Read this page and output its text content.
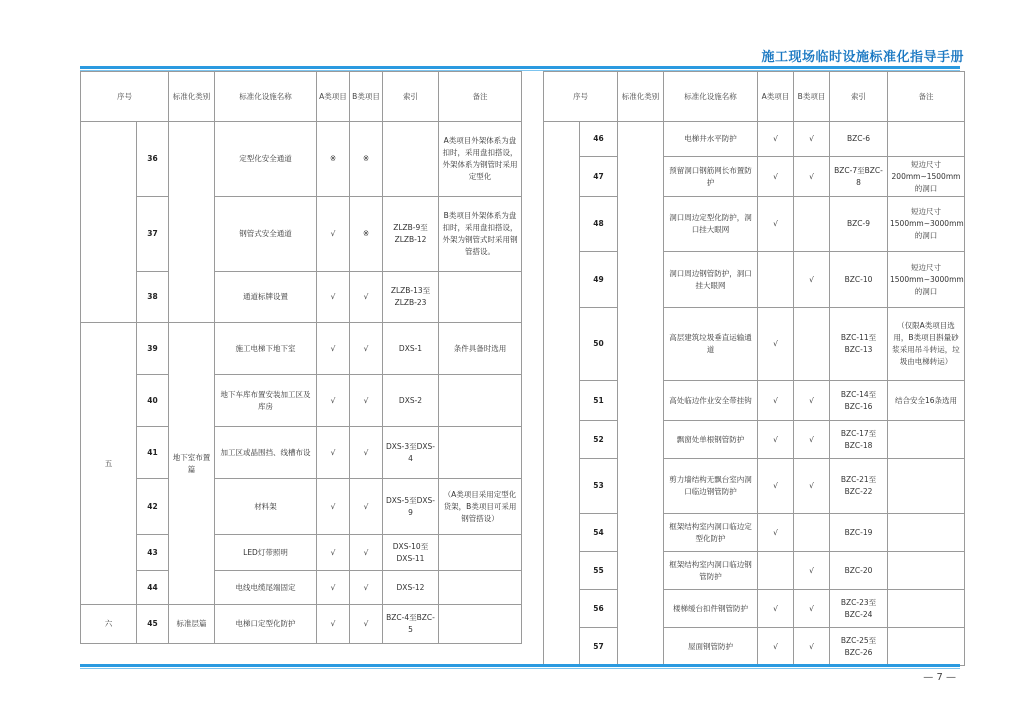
施工现场临时设施标准化指导手册
序号		标准化类别	标准化设施名称	A类项目	B类项目	索引	备注
	36		定型化安全通道	※	※		A类项目外架体系为盘扣时，采用盘扣搭设，外架体系为钢管时采用定型化
	37		钢管式安全通道	√	※	ZLZB-9至ZLZB-12	B类项目外架体系为盘扣时，采用盘扣搭设，外架为钢管式时采用钢管搭设。
	38		通道标牌设置	√	√	ZLZB-13至ZLZB-23	
五	39	地下室布置篇	施工电梯下地下室	√	√	DXS-1	条件具备时选用
	40		地下车库布置安装加工区及库房	√	√	DXS-2	
	41		加工区或晶围挡、线槽布设	√	√	DXS-3至DXS-4	
	42		材料架	√	√	DXS-5至DXS-9	（A类项目采用定型化货架，B类项目可采用钢管搭设）
	43		LED灯带照明	√	√	DXS-10至DXS-11	
	44		电线电缆尾端固定	√	√	DXS-12	
六	45	标准层篇	电梯口定型化防护	√	√	BZC-4至BZC-5	
序号		标准化类别	标准化设施名称	A类项目	B类项目	索引	备注
	46		电梯井水平防护	√	√	BZC-6	
	47		预留洞口钢筋网长布置防护	√	√	BZC-7至BZC-8	短边尺寸200mm~1500mm的洞口
	48		洞口周边定型化防护，洞口挂大眼网	√		BZC-9	短边尺寸1500mm~3000mm的洞口
	49		洞口周边钢管防护，洞口挂大眼网		√	BZC-10	短边尺寸1500mm~3000mm的洞口
	50		高层建筑垃圾垂直运输通道	√		BZC-11至BZC-13	（仅限A类项目选用，B类项目斟量砂浆采用吊斗转运，垃圾由电梯转运）
	51		高处临边作业安全带挂钩	√	√	BZC-14至BZC-16	结合安全16条选用
	52		飘窗处单根钢管防护	√	√	BZC-17至BZC-18	
	53		剪力墙结构无飘台室内洞口临边钢管防护	√	√	BZC-21至BZC-22	
	54		框架结构室内洞口临边定型化防护	√		BZC-19	
	55		框架结构室内洞口临边钢管防护		√	BZC-20	
	56		楼梯缓台扣件钢管防护	√	√	BZC-23至BZC-24	
	57		屋面钢管防护	√	√	BZC-25至BZC-26	
— 7 —
